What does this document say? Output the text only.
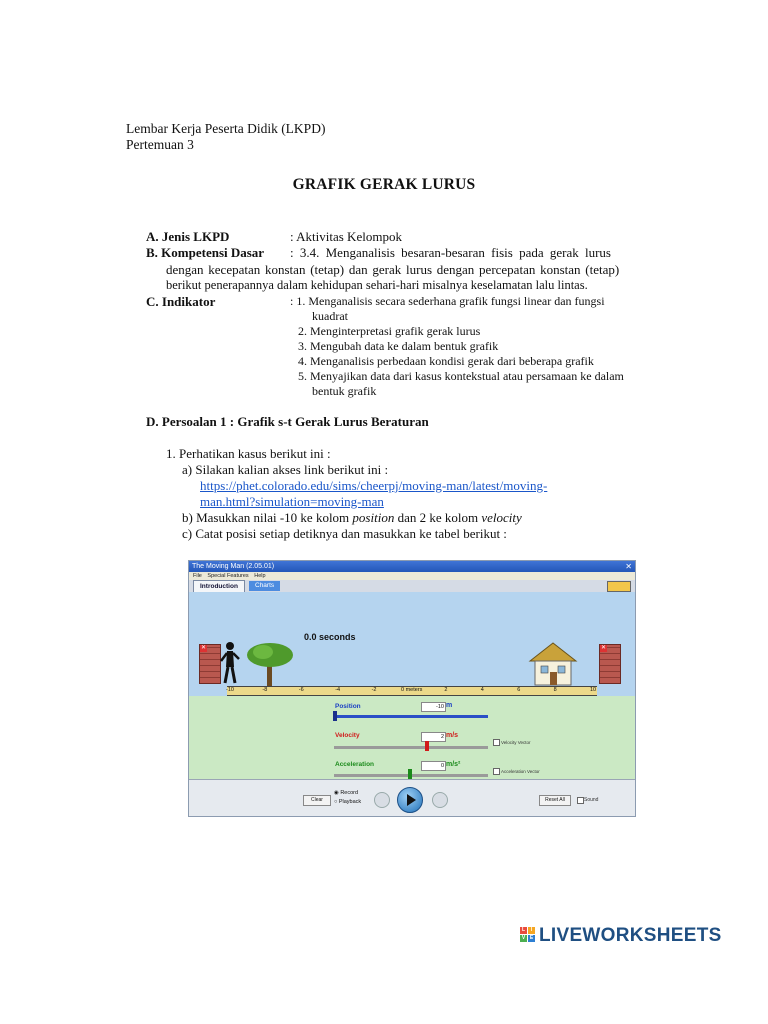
Lembar Kerja Peserta Didik (LKPD)
Pertemuan 3
GRAFIK GERAK LURUS
A. Jenis LKPD	: Aktivitas Kelompok
B. Kompetensi Dasar : 3.4. Menganalisis besaran-besaran fisis pada gerak lurus
dengan kecepatan konstan (tetap) dan gerak lurus dengan percepatan konstan (tetap)
berikut penerapannya dalam kehidupan sehari-hari misalnya keselamatan lalu lintas.
C. Indikator	: 1. Menganalisis secara sederhana grafik fungsi linear dan fungsi
kuadrat
2. Menginterpretasi grafik gerak lurus
3. Mengubah data ke dalam bentuk grafik
4. Menganalisis perbedaan kondisi gerak dari beberapa grafik
5. Menyajikan data dari kasus kontekstual atau persamaan ke dalam
bentuk grafik
D. Persoalan 1 : Grafik s-t Gerak Lurus Beraturan
1. Perhatikan kasus berikut ini :
a) Silakan kalian akses link berikut ini :
https://phet.colorado.edu/sims/cheerpj/moving-man/latest/moving-
man.html?simulation=moving-man
b) Masukkan nilai -10 ke kolom position dan 2 ke kolom velocity
c) Catat posisi setiap detiknya dan masukkan ke tabel berikut :
The Moving Man (2.05.01)	✕
File Special Features Help
Introduction	Charts
0.0 seconds
✕	✕
Position	-10 m
Velocity	2 m/s
Velocity Vector
Acceleration	0 m/s²
Acceleration Vector
Clear
◉ Record
○ Playback	Reset All	Sound
-10	-8	-6	-4	-2	0 meters	2	4	6	8	10
L	I
V E LIVEWORKSHEETS
